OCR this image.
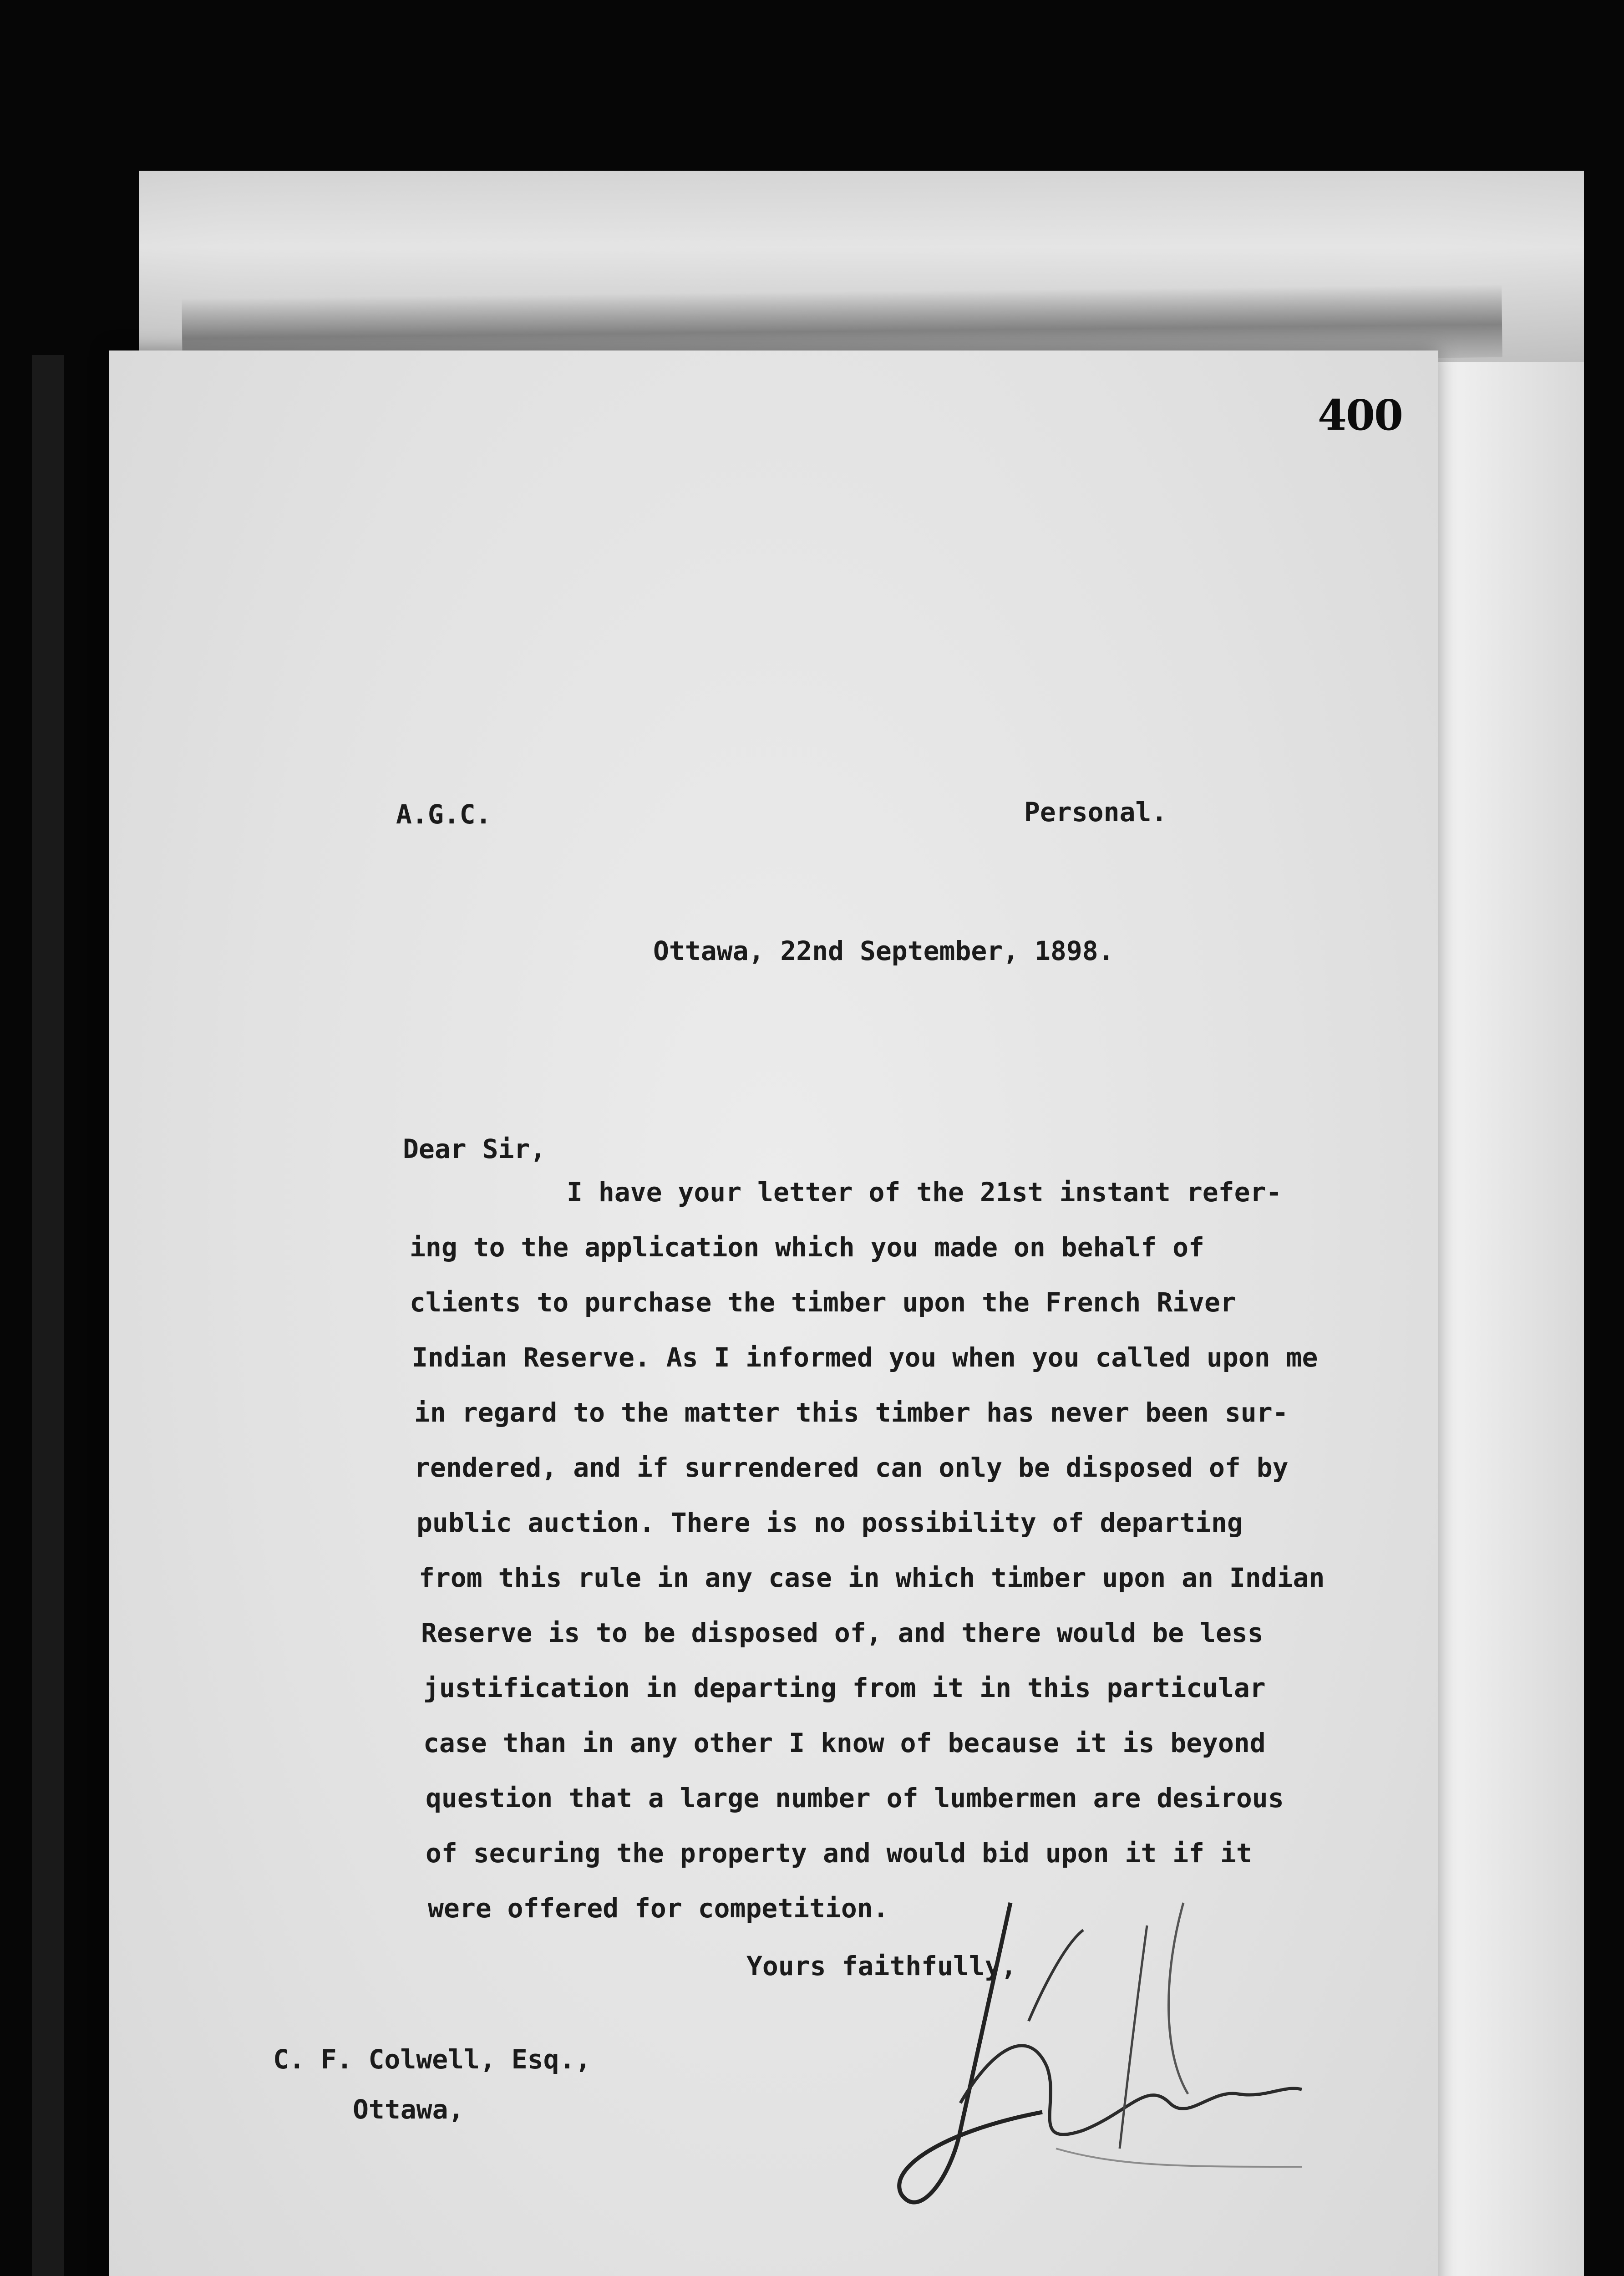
400
A.G.C.	Personal.
Ottawa, 22nd September, 1898.
Dear Sir,
I have your letter of the 21st instant refer-
ing to the application which you made on behalf of
clients to purchase the timber upon the French River
Indian Reserve. As I informed you when you called upon me
in regard to the matter this timber has never been sur-
rendered, and if surrendered can only be disposed of by
public auction. There is no possibility of departing
from this rule in any case in which timber upon an Indian
Reserve is to be disposed of, and there would be less
justification in departing from it in this particular
case than in any other I know of because it is beyond
question that a large number of lumbermen are desirous
of securing the property and would bid upon it if it
were offered for competition.
Yours faithfully,
C. F. Colwell, Esq.,
Ottawa,
